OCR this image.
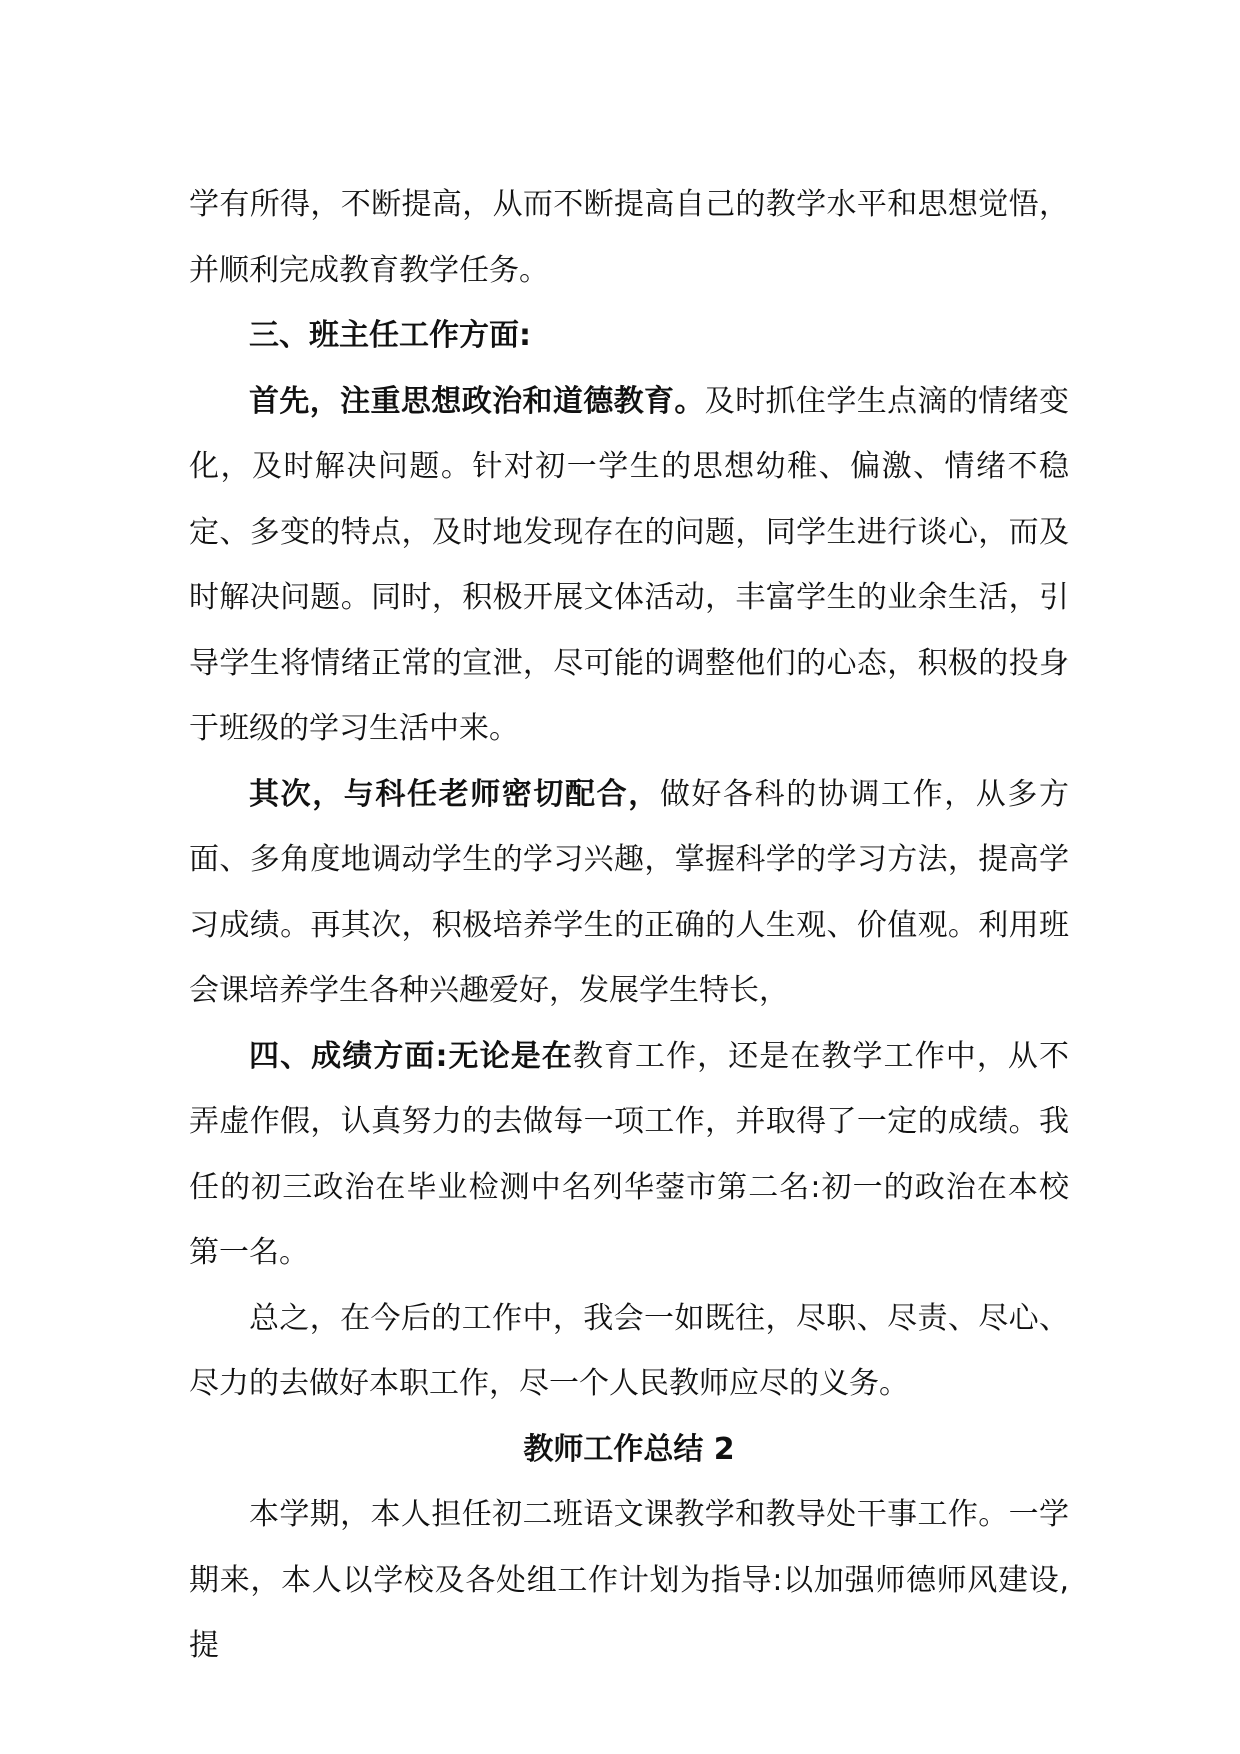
学有所得，不断提高，从而不断提高自己的教学水平和思想觉悟，并顺利完成教育教学任务。

三、班主任工作方面:

首先，注重思想政治和道德教育。及时抓住学生点滴的情绪变化，及时解决问题。针对初一学生的思想幼稚、偏激、情绪不稳定、多变的特点，及时地发现存在的问题，同学生进行谈心，而及时解决问题。同时，积极开展文体活动，丰富学生的业余生活，引导学生将情绪正常的宣泄，尽可能的调整他们的心态，积极的投身于班级的学习生活中来。

其次，与科任老师密切配合，做好各科的协调工作，从多方面、多角度地调动学生的学习兴趣，掌握科学的学习方法，提高学习成绩。再其次，积极培养学生的正确的人生观、价值观。利用班会课培养学生各种兴趣爱好，发展学生特长，

四、成绩方面:无论是在教育工作，还是在教学工作中，从不弄虚作假，认真努力的去做每一项工作，并取得了一定的成绩。我任的初三政治在毕业检测中名列华蓥市第二名:初一的政治在本校第一名。

总之，在今后的工作中，我会一如既往，尽职、尽责、尽心、尽力的去做好本职工作，尽一个人民教师应尽的义务。

教师工作总结 2

本学期，本人担任初二班语文课教学和教导处干事工作。一学期来，本人以学校及各处组工作计划为指导:以加强师德师风建设,提
